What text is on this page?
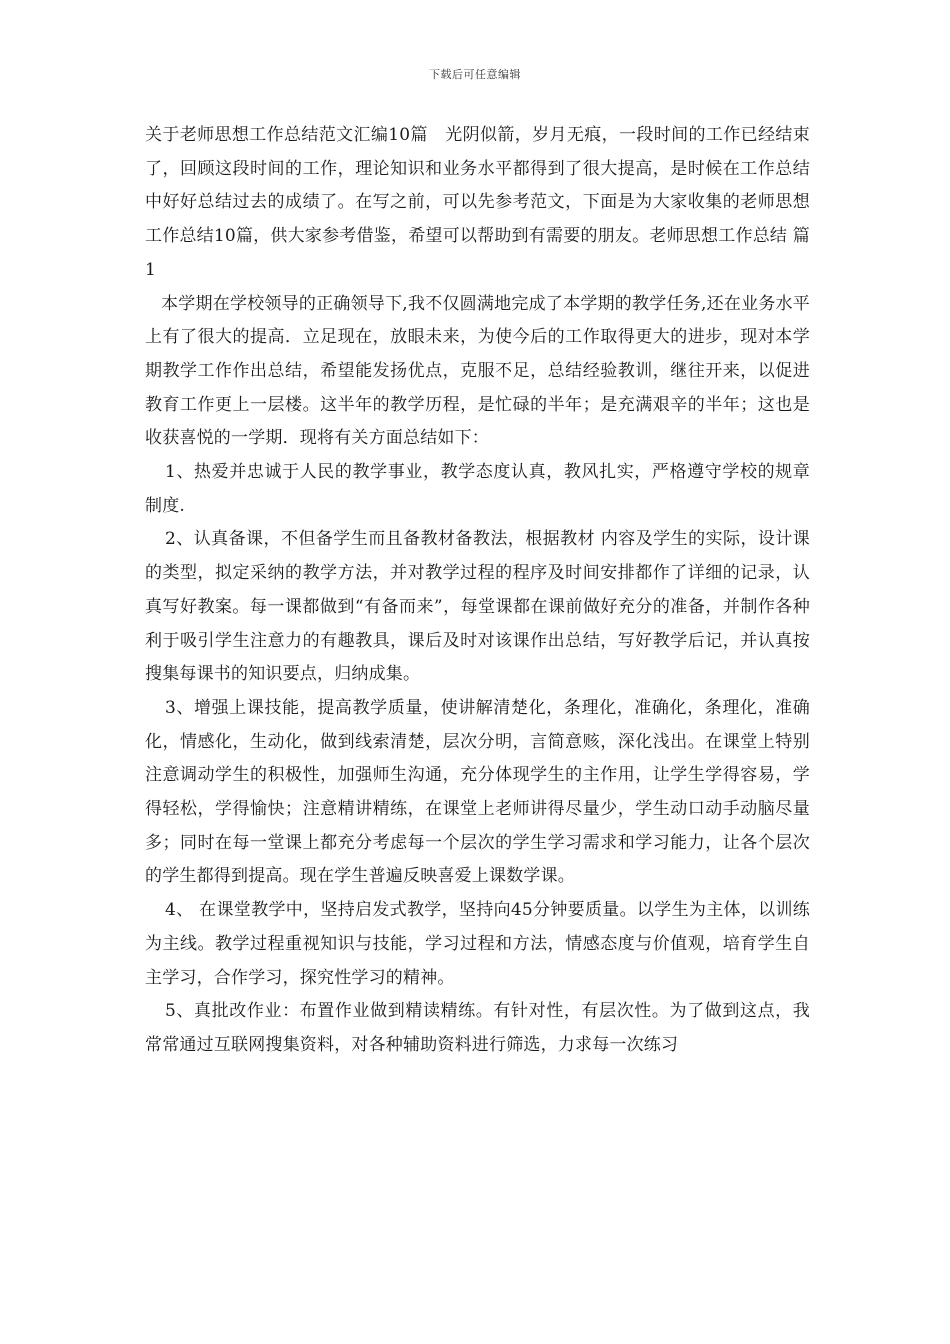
下载后可任意编辑

关于老师思想工作总结范文汇编10篇　光阴似箭，岁月无痕，一段时间的工作已经结束了，回顾这段时间的工作，理论知识和业务水平都得到了很大提高，是时候在工作总结中好好总结过去的成绩了。在写之前，可以先参考范文，下面是为大家收集的老师思想工作总结10篇，供大家参考借鉴，希望可以帮助到有需要的朋友。老师思想工作总结 篇1

本学期在学校领导的正确领导下,我不仅圆满地完成了本学期的教学任务,还在业务水平上有了很大的提高．立足现在，放眼未来，为使今后的工作取得更大的进步，现对本学期教学工作作出总结，希望能发扬优点，克服不足，总结经验教训，继往开来，以促进教育工作更上一层楼。这半年的教学历程，是忙碌的半年；是充满艰辛的半年；这也是收获喜悦的一学期．现将有关方面总结如下：

1、热爱并忠诚于人民的教学事业，教学态度认真，教风扎实，严格遵守学校的规章制度.

2、认真备课，不但备学生而且备教材备教法，根据教材 内容及学生的实际，设计课的类型，拟定采纳的教学方法，并对教学过程的程序及时间安排都作了详细的记录，认真写好教案。每一课都做到“有备而来”，每堂课都在课前做好充分的准备，并制作各种利于吸引学生注意力的有趣教具，课后及时对该课作出总结，写好教学后记，并认真按搜集每课书的知识要点，归纳成集。

3、增强上课技能，提高教学质量，使讲解清楚化，条理化，准确化，条理化，准确化，情感化，生动化，做到线索清楚，层次分明，言简意赅，深化浅出。在课堂上特别注意调动学生的积极性，加强师生沟通，充分体现学生的主作用，让学生学得容易，学得轻松，学得愉快；注意精讲精练，在课堂上老师讲得尽量少，学生动口动手动脑尽量多；同时在每一堂课上都充分考虑每一个层次的学生学习需求和学习能力，让各个层次的学生都得到提高。现在学生普遍反映喜爱上课数学课。

4、 在课堂教学中，坚持启发式教学，坚持向45分钟要质量。以学生为主体，以训练为主线。教学过程重视知识与技能，学习过程和方法，情感态度与价值观，培育学生自主学习，合作学习，探究性学习的精神。

5、真批改作业：布置作业做到精读精练。有针对性，有层次性。为了做到这点，我常常通过互联网搜集资料，对各种辅助资料进行筛选，力求每一次练习
